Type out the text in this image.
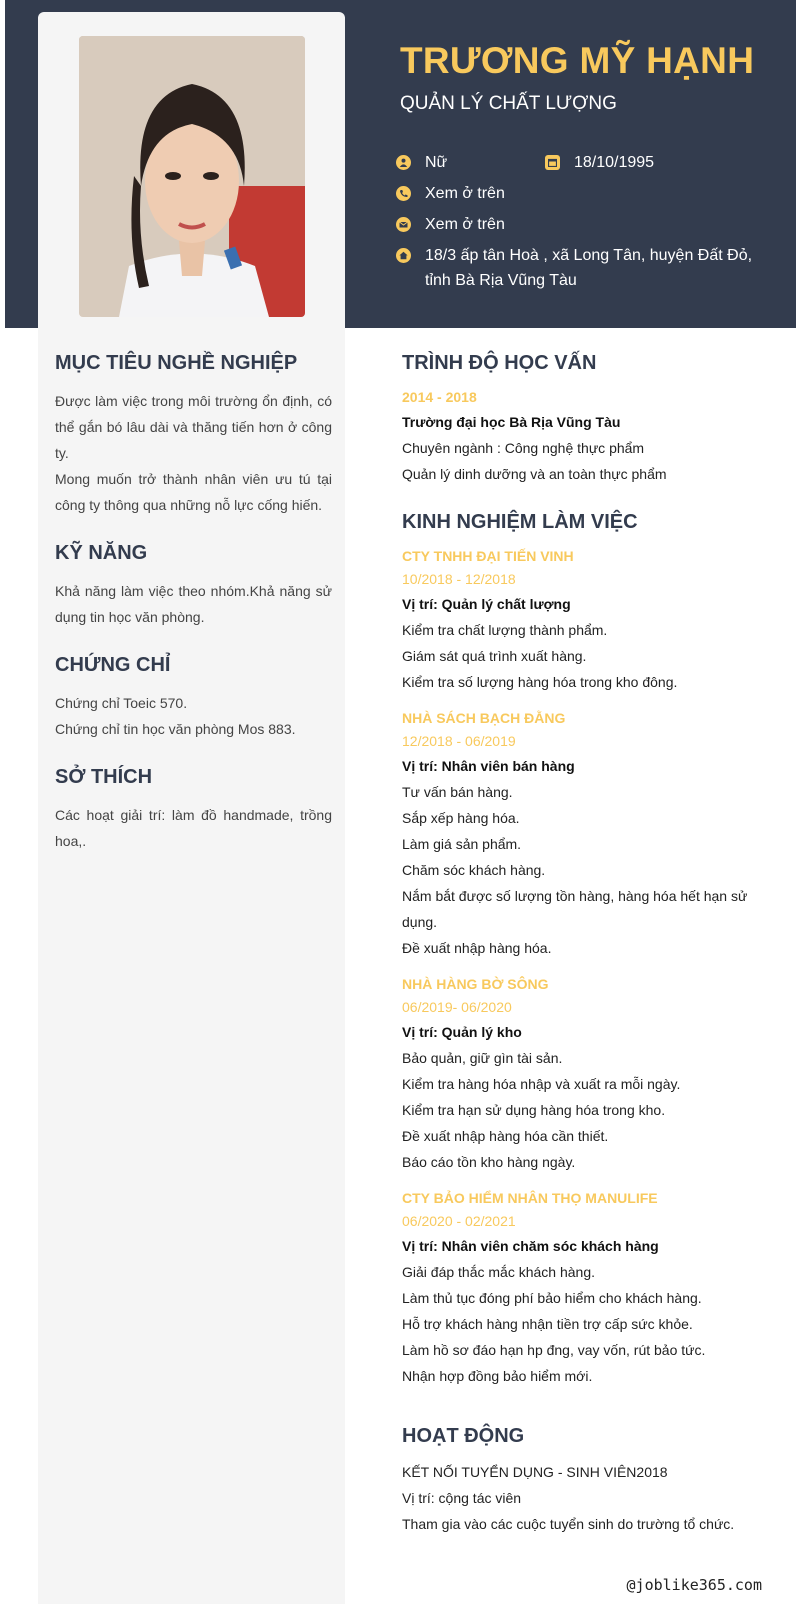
TRƯƠNG MỸ HẠNH
QUẢN LÝ CHẤT LƯỢNG
Nữ	18/10/1995
Xem ở trên
Xem ở trên
18/3 ấp tân Hoà , xã Long Tân, huyện Đất Đỏ, tỉnh Bà Rịa Vũng Tàu
MỤC TIÊU NGHỀ NGHIỆP
Được làm việc trong môi trường ổn định, có thể gắn bó lâu dài và thăng tiến hơn ở công ty.
Mong muốn trở thành nhân viên ưu tú tại công ty thông qua những nỗ lực cống hiến.
KỸ NĂNG
Khả năng làm việc theo nhóm.Khả năng sử dụng tin học văn phòng.
CHỨNG CHỈ
Chứng chỉ Toeic 570.
Chứng chỉ tin học văn phòng Mos 883.
SỞ THÍCH
Các hoạt giải trí: làm đồ handmade, trồng hoa,.
TRÌNH ĐỘ HỌC VẤN
2014 - 2018
Trường đại học Bà Rịa Vũng Tàu
Chuyên ngành : Công nghệ thực phẩm
Quản lý dinh dưỡng và an toàn thực phẩm
KINH NGHIỆM LÀM VIỆC
CTY TNHH ĐẠI TIẾN VINH
10/2018 - 12/2018
Vị trí: Quản lý chất lượng
Kiểm tra chất lượng thành phẩm.
Giám sát quá trình xuất hàng.
Kiểm tra số lượng hàng hóa trong kho đông.
NHÀ SÁCH BẠCH ĐẰNG
12/2018 - 06/2019
Vị trí: Nhân viên bán hàng
Tư vấn bán hàng.
Sắp xếp hàng hóa.
Làm giá sản phẩm.
Chăm sóc khách hàng.
Nắm bắt được số lượng tồn hàng, hàng hóa hết hạn sử dụng.
Đề xuất nhập hàng hóa.
NHÀ HÀNG BỜ SÔNG
06/2019- 06/2020
Vị trí: Quản lý kho
Bảo quản, giữ gìn tài sản.
Kiểm tra hàng hóa nhập và xuất ra mỗi ngày.
Kiểm tra hạn sử dụng hàng hóa trong kho.
Đề xuất nhập hàng hóa cần thiết.
Báo cáo tồn kho hàng ngày.
CTY BẢO HIỂM NHÂN THỌ MANULIFE
06/2020 - 02/2021
Vị trí: Nhân viên chăm sóc khách hàng
Giải đáp thắc mắc khách hàng.
Làm thủ tục đóng phí bảo hiểm cho khách hàng.
Hỗ trợ khách hàng nhận tiền trợ cấp sức khỏe.
Làm hồ sơ đáo hạn hp đng, vay vốn, rút bảo tức.
Nhận hợp đồng bảo hiểm mới.
HOẠT ĐỘNG
KẾT NỐI TUYỂN DỤNG - SINH VIÊN2018
Vị trí: cộng tác viên
Tham gia vào các cuộc tuyển sinh do trường tổ chức.
@joblike365.com
